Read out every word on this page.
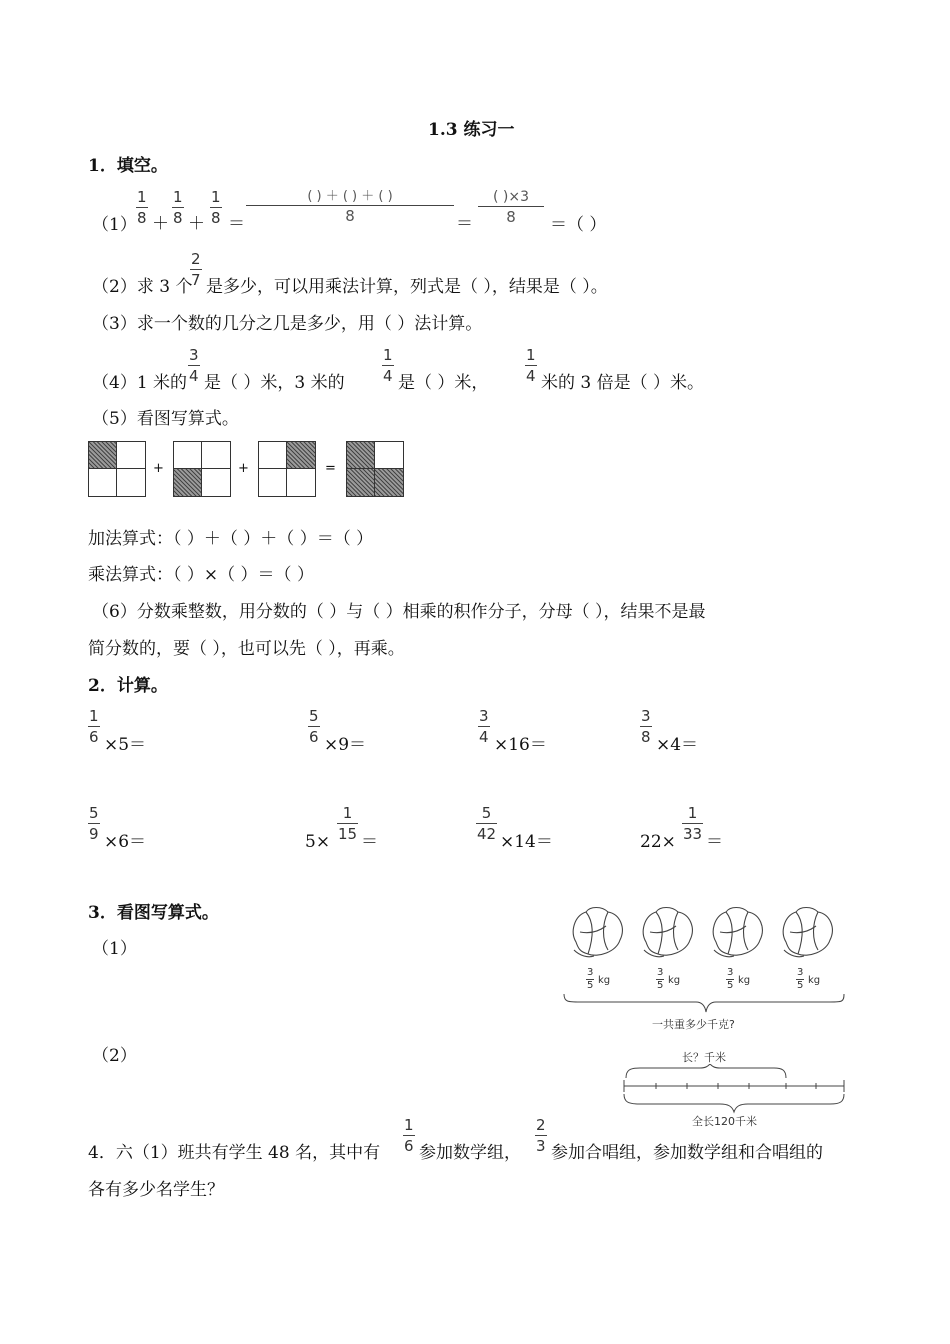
1.3 练习一
1．填空。
（1）
1
8 ＋
1
8 ＋
1
8 ＝
( ) ＋ ( ) ＋ ( )
8	＝
( )×3
8	＝（ ）
（2）求 3 个
2
7 是多少，可以用乘法计算，列式是（ ），结果是（ ）。
（3）求一个数的几分之几是多少，用（ ）法计算。
（4）1 米的
3
4 是（ ）米，3 米的
1
4 是（ ）米，
1
4 米的 3 倍是（ ）米。
（5）看图写算式。
+	+	=
加法算式：（ ）＋（ ）＋（ ）＝（ ）
乘法算式：（ ）×（ ）＝（ ）
（6）分数乘整数，用分数的（ ）与（ ）相乘的积作分子，分母（ ），结果不是最
简分数的，要（ ），也可以先（ ），再乘。
2．计算。
1
6 ×5＝
5
6 ×9＝
3
4 ×16＝
3
8 ×4＝
5
9 ×6＝	5×
1
15 ＝
5
42 ×14＝	22×
1
33 ＝
3．看图写算式。
（1）
（2）
3
5 kg
3
5 kg
3
5 kg
3
5 kg
一共重多少千克?
长？千米
全长120千米
4．六（1）班共有学生 48 名，其中有
1
6 参加数学组，
2
3 参加合唱组，参加数学组和合唱组的
各有多少名学生？
